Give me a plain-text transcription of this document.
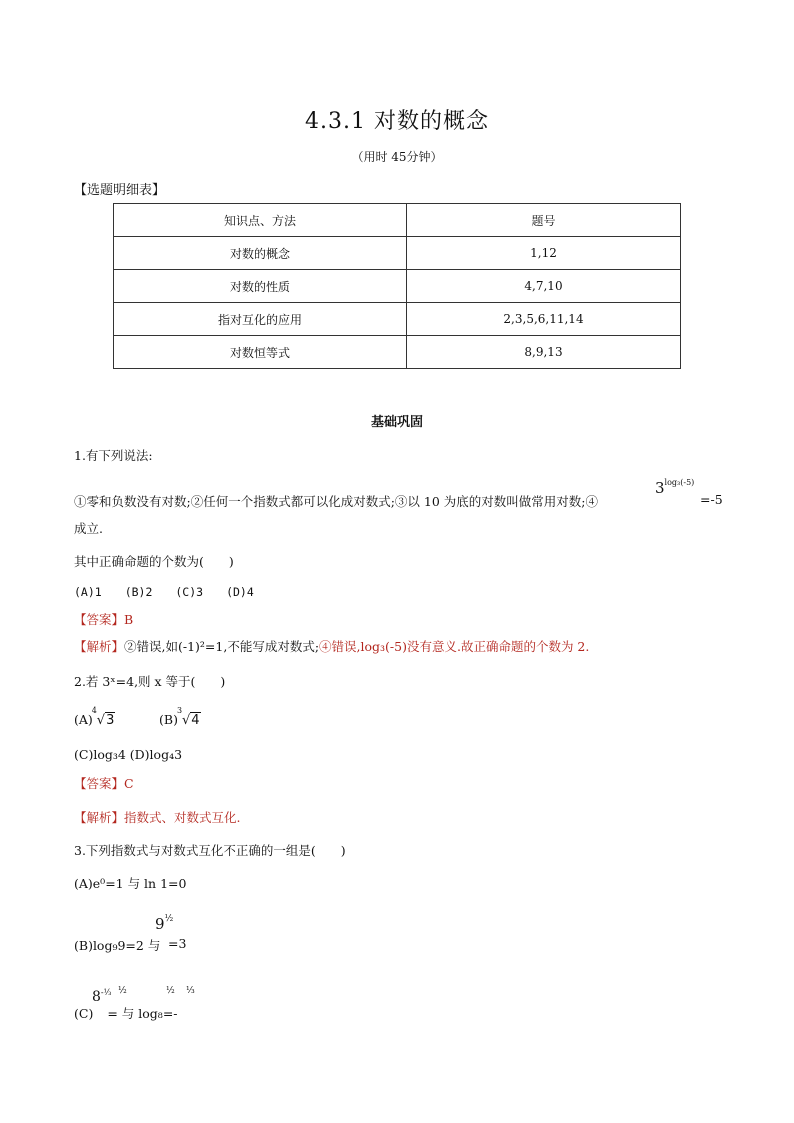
4.3.1 对数的概念
（用时 45分钟）
【选题明细表】
知识点、方法	题号
对数的概念	1,12
对数的性质	4,7,10
指对互化的应用	2,3,5,6,11,14
对数恒等式	8,9,13
基础巩固
1.有下列说法:
①零和负数没有对数;②任何一个指数式都可以化成对数式;③以 10 为底的对数叫做常用对数;④
$3^{log_3(-5)}$
=-5
成立.
其中正确命题的个数为(　　)
(A)1　　(B)2　　(C)3　　(D)4
【答案】B
【解析】②错误,如(-1)²=1,不能写成对数式;④错误,log₃(-5)没有意义.故正确命题的个数为 2.
2.若 3ˣ=4,则 x 等于(　　)
(A)
4
√3	(B)
3
√4
(C)log₃4 (D)log₄3
【答案】C
【解析】指数式、对数式互化.
3.下列指数式与对数式互化不正确的一组是(　　)
(A)e⁰=1 与 ln 1=0
$9^{\frac{1}{2}}$
(B)log₉9=2 与 =3
$8^{-\frac{1}{3}}$ ½	½ ⅓
(C) = 与 log₈=-
